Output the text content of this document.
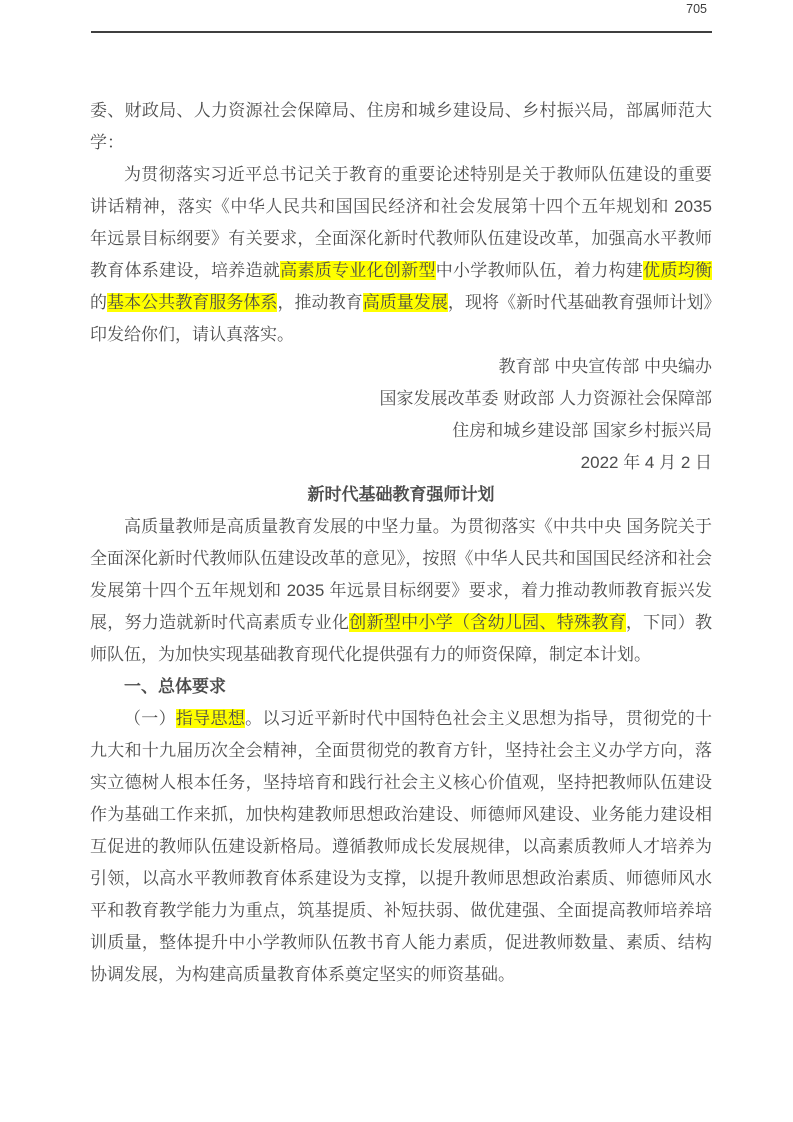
705

委、财政局、人力资源社会保障局、住房和城乡建设局、乡村振兴局，部属师范大学：

为贯彻落实习近平总书记关于教育的重要论述特别是关于教师队伍建设的重要讲话精神，落实《中华人民共和国国民经济和社会发展第十四个五年规划和 2035 年远景目标纲要》有关要求，全面深化新时代教师队伍建设改革，加强高水平教师教育体系建设，培养造就高素质专业化创新型中小学教师队伍，着力构建优质均衡的基本公共教育服务体系，推动教育高质量发展，现将《新时代基础教育强师计划》印发给你们，请认真落实。

教育部 中央宣传部 中央编办

国家发展改革委 财政部 人力资源社会保障部

住房和城乡建设部 国家乡村振兴局

2022 年 4 月 2 日

新时代基础教育强师计划

高质量教师是高质量教育发展的中坚力量。为贯彻落实《中共中央 国务院关于全面深化新时代教师队伍建设改革的意见》，按照《中华人民共和国国民经济和社会发展第十四个五年规划和 2035 年远景目标纲要》要求，着力推动教师教育振兴发展，努力造就新时代高素质专业化创新型中小学（含幼儿园、特殊教育，下同）教师队伍，为加快实现基础教育现代化提供强有力的师资保障，制定本计划。

一、总体要求

（一）指导思想。以习近平新时代中国特色社会主义思想为指导，贯彻党的十九大和十九届历次全会精神，全面贯彻党的教育方针，坚持社会主义办学方向，落实立德树人根本任务，坚持培育和践行社会主义核心价值观，坚持把教师队伍建设作为基础工作来抓，加快构建教师思想政治建设、师德师风建设、业务能力建设相互促进的教师队伍建设新格局。遵循教师成长发展规律，以高素质教师人才培养为引领，以高水平教师教育体系建设为支撑，以提升教师思想政治素质、师德师风水平和教育教学能力为重点，筑基提质、补短扶弱、做优建强、全面提高教师培养培训质量，整体提升中小学教师队伍教书育人能力素质，促进教师数量、素质、结构协调发展，为构建高质量教育体系奠定坚实的师资基础。
